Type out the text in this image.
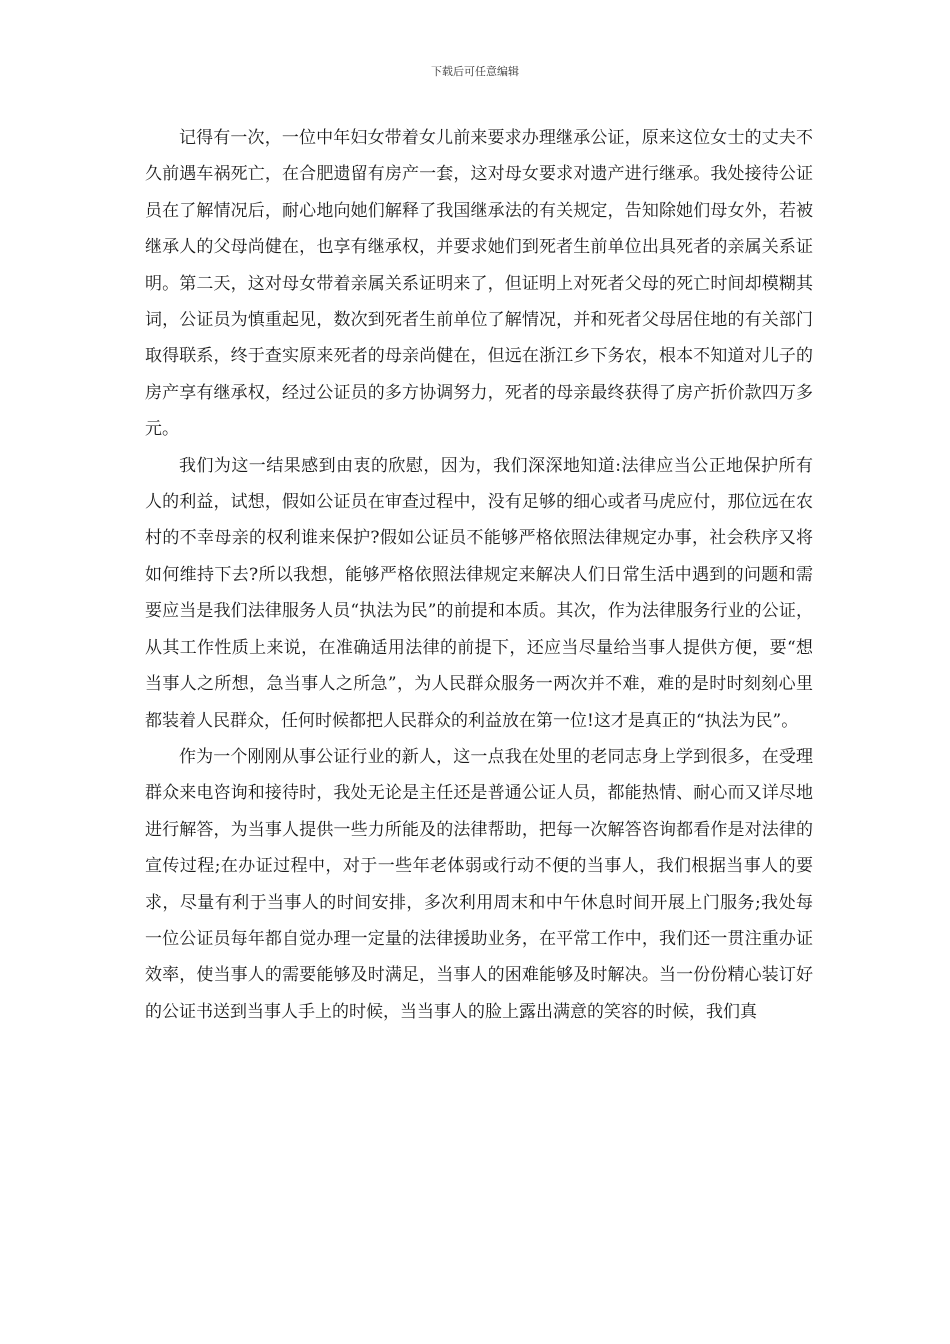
下载后可任意编辑

记得有一次，一位中年妇女带着女儿前来要求办理继承公证，原来这位女士的丈夫不久前遇车祸死亡，在合肥遗留有房产一套，这对母女要求对遗产进行继承。我处接待公证员在了解情况后，耐心地向她们解释了我国继承法的有关规定，告知除她们母女外，若被继承人的父母尚健在，也享有继承权，并要求她们到死者生前单位出具死者的亲属关系证明。第二天，这对母女带着亲属关系证明来了，但证明上对死者父母的死亡时间却模糊其词，公证员为慎重起见，数次到死者生前单位了解情况，并和死者父母居住地的有关部门取得联系，终于查实原来死者的母亲尚健在，但远在浙江乡下务农，根本不知道对儿子的房产享有继承权，经过公证员的多方协调努力，死者的母亲最终获得了房产折价款四万多元。

我们为这一结果感到由衷的欣慰，因为，我们深深地知道:法律应当公正地保护所有人的利益，试想，假如公证员在审查过程中，没有足够的细心或者马虎应付，那位远在农村的不幸母亲的权利谁来保护?假如公证员不能够严格依照法律规定办事，社会秩序又将如何维持下去?所以我想，能够严格依照法律规定来解决人们日常生活中遇到的问题和需要应当是我们法律服务人员“执法为民”的前提和本质。其次，作为法律服务行业的公证，从其工作性质上来说，在准确适用法律的前提下，还应当尽量给当事人提供方便，要“想当事人之所想，急当事人之所急”，为人民群众服务一两次并不难，难的是时时刻刻心里都装着人民群众，任何时候都把人民群众的利益放在第一位!这才是真正的“执法为民”。

作为一个刚刚从事公证行业的新人，这一点我在处里的老同志身上学到很多，在受理群众来电咨询和接待时，我处无论是主任还是普通公证人员，都能热情、耐心而又详尽地进行解答，为当事人提供一些力所能及的法律帮助，把每一次解答咨询都看作是对法律的宣传过程;在办证过程中，对于一些年老体弱或行动不便的当事人，我们根据当事人的要求，尽量有利于当事人的时间安排，多次利用周末和中午休息时间开展上门服务;我处每一位公证员每年都自觉办理一定量的法律援助业务，在平常工作中，我们还一贯注重办证效率，使当事人的需要能够及时满足，当事人的困难能够及时解决。当一份份精心装订好的公证书送到当事人手上的时候，当当事人的脸上露出满意的笑容的时候，我们真
